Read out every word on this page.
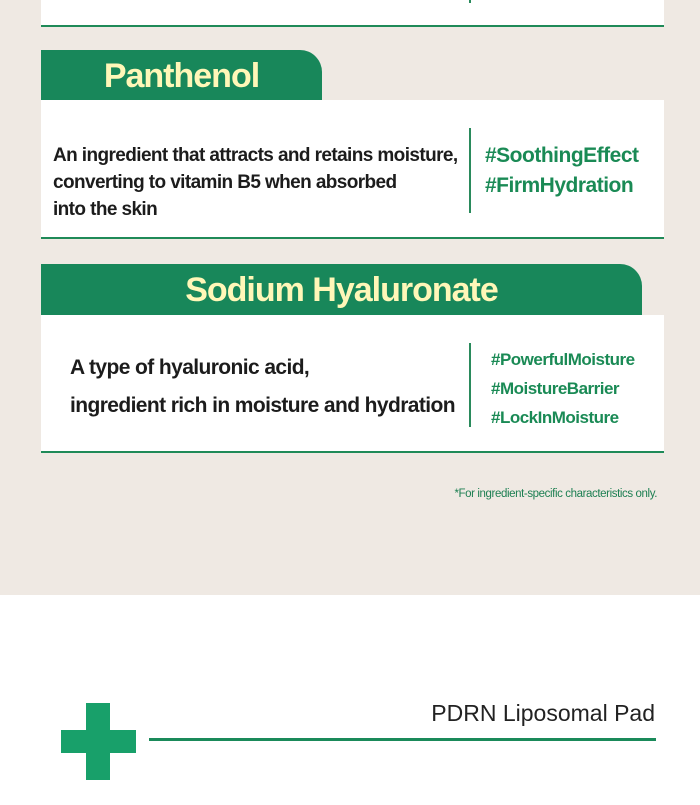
Panthenol
An ingredient that attracts and retains moisture,
converting to vitamin B5 when absorbed
into the skin
#SoothingEffect
#FirmHydration
Sodium Hyaluronate
A type of hyaluronic acid,
ingredient rich in moisture and hydration
#PowerfulMoisture
#MoistureBarrier
#LockInMoisture
*For ingredient-specific characteristics only.
PDRN Liposomal Pad
